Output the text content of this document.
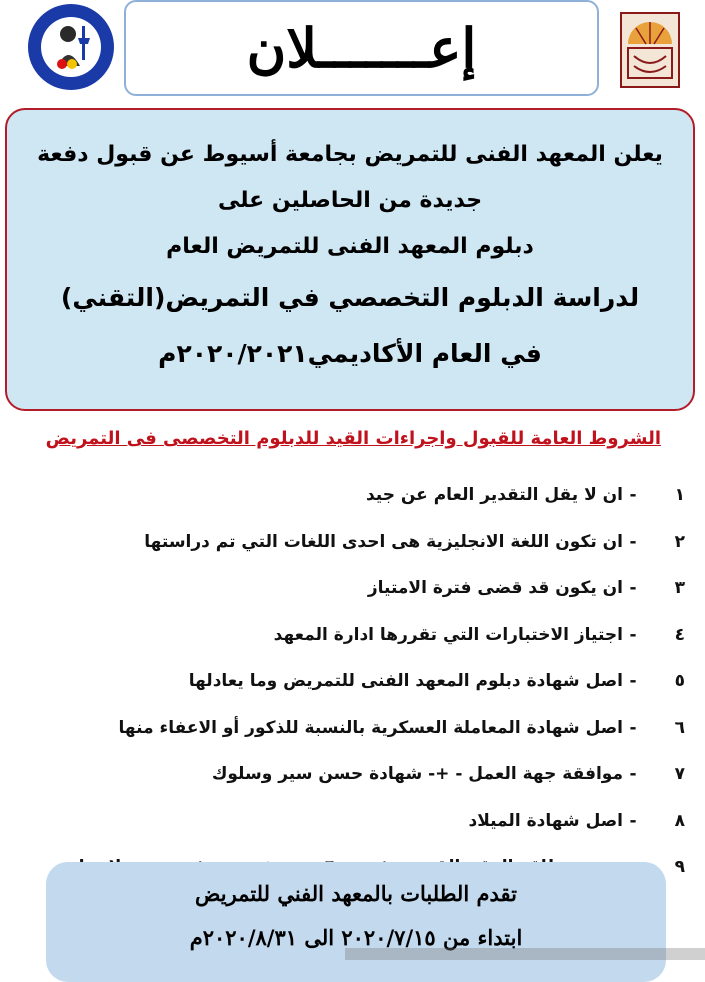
إعـــــــلان
يعلن المعهد الفنى للتمريض بجامعة أسيوط عن قبول دفعة
جديدة من الحاصلين على
دبلوم المعهد الفنى للتمريض العام
لدراسة الدبلوم التخصصي في التمريض(التقني)
في العام الأكاديمي٢٠٢٠/٢٠٢١م
الشروط العامة للقبول واجراءات القيد للدبلوم التخصصى فى التمريض
١
-
ان لا يقل التقدير العام عن جيد
٢
-
ان تكون اللغة الانجليزية هى احدى اللغات التي تم دراستها
٣
-
ان يكون قد قضى فترة الامتياز
٤
-
اجتياز الاختبارات التي تقررها ادارة المعهد
٥
-
اصل شهادة دبلوم المعهد الفنى للتمريض وما يعادلها
٦
-
اصل شهادة المعاملة العسكرية بالنسبة للذكور أو الاعفاء منها
٧
-
موافقة جهة العمل - +- شهادة حسن سير وسلوك
٨
-
اصل شهادة الميلاد
٩
تقدم الطلبات بالمعهد الفني للتمريض
ابتداء من ٢٠٢٠/٧/١٥ الى ٢٠٢٠/٨/٣١م
